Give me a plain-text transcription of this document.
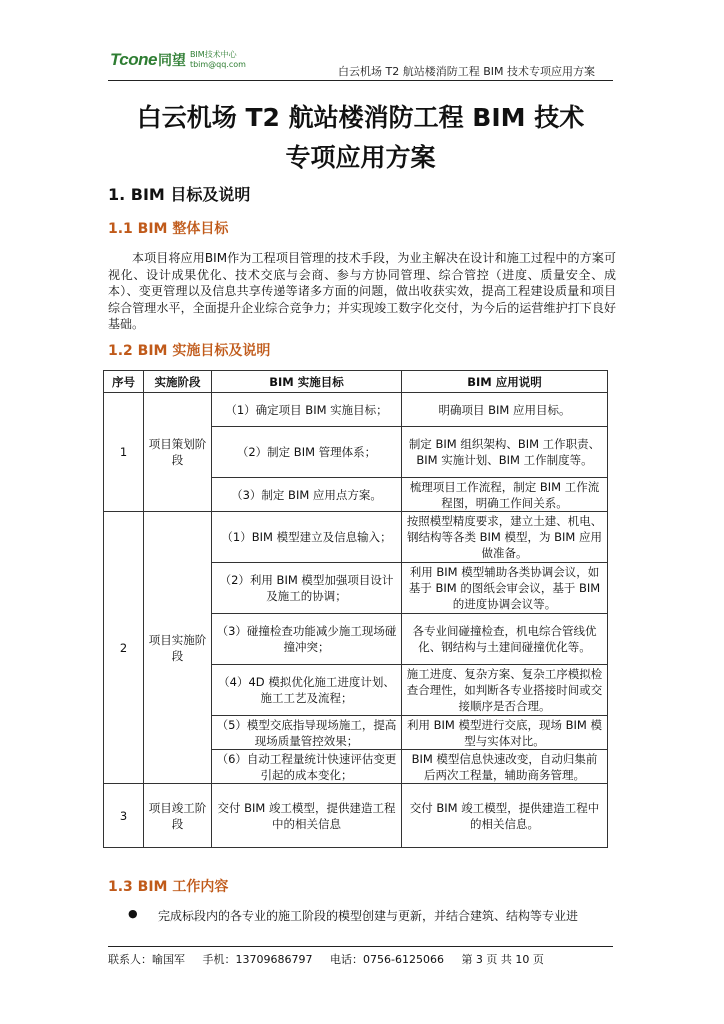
Tcone 同望 BIM技术中心
tbim@qq.com
白云机场 T2 航站楼消防工程 BIM 技术专项应用方案
白云机场 T2 航站楼消防工程 BIM 技术
专项应用方案
1. BIM 目标及说明
1.1 BIM 整体目标
本项目将应用BIM作为工程项目管理的技术手段，为业主解决在设计和施工过程中的方案可视化、设计成果优化、技术交底与会商、参与方协同管理、综合管控（进度、质量安全、成本）、变更管理以及信息共享传递等诸多方面的问题，做出收获实效，提高工程建设质量和项目综合管理水平，全面提升企业综合竞争力；并实现竣工数字化交付，为今后的运营维护打下良好基础。
1.2 BIM 实施目标及说明
序号	实施阶段	BIM 实施目标	BIM 应用说明
1	项目策划阶段	（1）确定项目 BIM 实施目标；	明确项目 BIM 应用目标。
		（2）制定 BIM 管理体系；	制定 BIM 组织架构、BIM 工作职责、BIM 实施计划、BIM 工作制度等。
		（3）制定 BIM 应用点方案。	梳理项目工作流程，制定 BIM 工作流程图，明确工作间关系。
2	项目实施阶段	（1）BIM 模型建立及信息输入；	按照模型精度要求，建立土建、机电、钢结构等各类 BIM 模型，为 BIM 应用做准备。
		（2）利用 BIM 模型加强项目设计及施工的协调；	利用 BIM 模型辅助各类协调会议，如基于 BIM 的图纸会审会议，基于 BIM 的进度协调会议等。
		（3）碰撞检查功能减少施工现场碰撞冲突；	各专业间碰撞检查，机电综合管线优化、钢结构与土建间碰撞优化等。
		（4）4D 模拟优化施工进度计划、施工工艺及流程；	施工进度、复杂方案、复杂工序模拟检查合理性，如判断各专业搭接时间或交接顺序是否合理。
		（5）模型交底指导现场施工，提高现场质量管控效果；	利用 BIM 模型进行交底，现场 BIM 模型与实体对比。
		（6）自动工程量统计快速评估变更引起的成本变化；	BIM 模型信息快速改变，自动归集前后两次工程量，辅助商务管理。
3	项目竣工阶段	交付 BIM 竣工模型，提供建造工程中的相关信息	交付 BIM 竣工模型，提供建造工程中的相关信息。
1.3 BIM 工作内容
●	完成标段内的各专业的施工阶段的模型创建与更新，并结合建筑、结构等专业进
联系人：喻国军 手机：13709686797 电话：0756-6125066 第 3 页 共 10 页
